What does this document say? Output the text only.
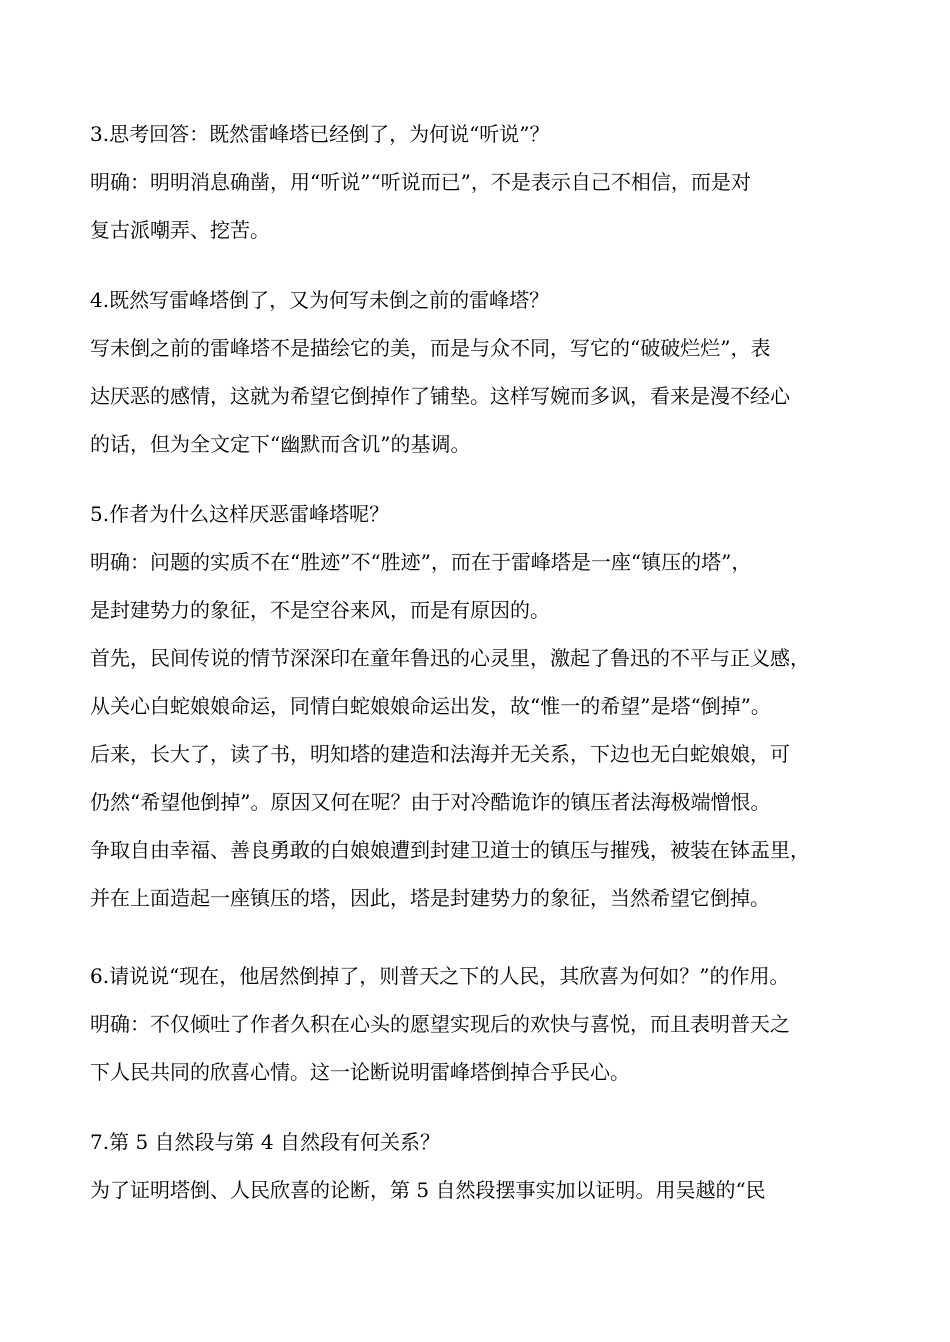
3.思考回答：既然雷峰塔已经倒了，为何说“听说”？
明确：明明消息确凿，用“听说”“听说而已”，不是表示自己不相信，而是对
复古派嘲弄、挖苦。
4.既然写雷峰塔倒了，又为何写未倒之前的雷峰塔？
写未倒之前的雷峰塔不是描绘它的美，而是与众不同，写它的“破破烂烂”，表
达厌恶的感情，这就为希望它倒掉作了铺垫。这样写婉而多讽，看来是漫不经心
的话，但为全文定下“幽默而含讥”的基调。
5.作者为什么这样厌恶雷峰塔呢？
明确：问题的实质不在“胜迹”不“胜迹”，而在于雷峰塔是一座“镇压的塔”，
是封建势力的象征，不是空谷来风，而是有原因的。
首先，民间传说的情节深深印在童年鲁迅的心灵里，激起了鲁迅的不平与正义感，
从关心白蛇娘娘命运，同情白蛇娘娘命运出发，故“惟一的希望”是塔“倒掉”。
后来，长大了，读了书，明知塔的建造和法海并无关系，下边也无白蛇娘娘，可
仍然“希望他倒掉”。原因又何在呢？由于对冷酷诡诈的镇压者法海极端憎恨。
争取自由幸福、善良勇敢的白娘娘遭到封建卫道士的镇压与摧残，被装在钵盂里，
并在上面造起一座镇压的塔，因此，塔是封建势力的象征，当然希望它倒掉。
6.请说说“现在，他居然倒掉了，则普天之下的人民，其欣喜为何如？”的作用。
明确：不仅倾吐了作者久积在心头的愿望实现后的欢快与喜悦，而且表明普天之
下人民共同的欣喜心情。这一论断说明雷峰塔倒掉合乎民心。
7.第 5 自然段与第 4 自然段有何关系？
为了证明塔倒、人民欣喜的论断，第 5 自然段摆事实加以证明。用吴越的“民
